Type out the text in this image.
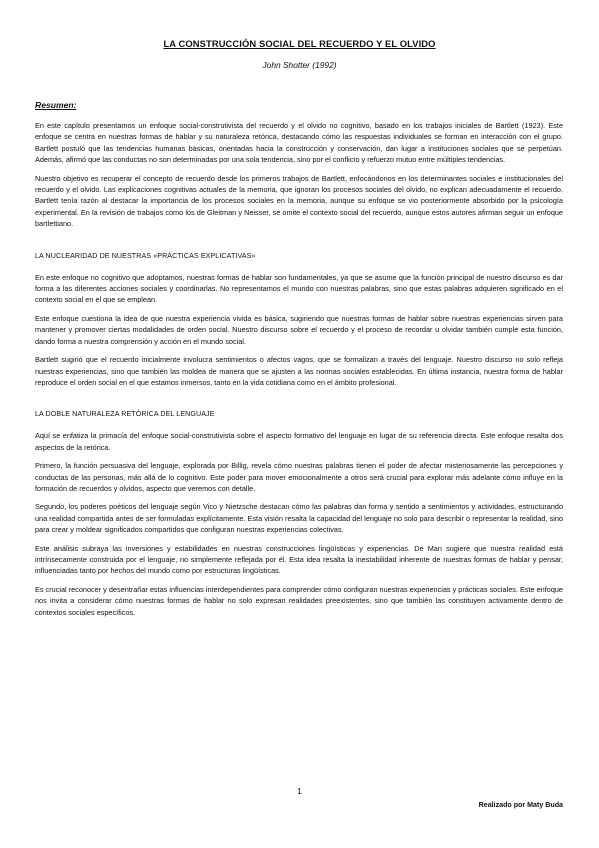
LA CONSTRUCCIÓN SOCIAL DEL RECUERDO Y EL OLVIDO
John Shotter (1992)
Resumen:

En este capítulo presentamos un enfoque social-construtivista del recuerdo y el olvido no cognitivo, basado en los trabajos iniciales de Bartlett (1923). Este enfoque se centra en nuestras formas de hablar y su naturaleza retórica, destacando cómo las respuestas individuales se forman en interacción con el grupo. Bartlett postuló que las tendencias humanas básicas, orientadas hacia la construcción y conservación, dan lugar a instituciones sociales que se perpetúan. Además, afirmó que las conductas no son determinadas por una sola tendencia, sino por el conflicto y refuerzo mutuo entre múltiples tendencias.

Nuestro objetivo es recuperar el concepto de recuerdo desde los primeros trabajos de Bartlett, enfocándonos en los determinantes sociales e institucionales del recuerdo y el olvido. Las explicaciones cognitivas actuales de la memoria, que ignoran los procesos sociales del olvido, no explican adecuadamente el recuerdo. Bartlett tenía razón al destacar la importancia de los procesos sociales en la memoria, aunque su enfoque se vio posteriormente absorbido por la psicología experimental. En la revisión de trabajos como los de Gleitman y Neisser, se omite el contexto social del recuerdo, aunque estos autores afirman seguir un enfoque bartlettiano.

LA NUCLEARIDAD DE NUESTRAS «PRÁCTICAS EXPLICATIVAS»

En este enfoque no cognitivo que adoptamos, nuestras formas de hablar son fundamentales, ya que se asume que la función principal de nuestro discurso es dar forma a las diferentes acciones sociales y coordinarlas. No representamos el mundo con nuestras palabras, sino que estas palabras adquieren significado en el contexto social en el que se emplean.

Este enfoque cuestiona la idea de que nuestra experiencia vivida es básica, sugiriendo que nuestras formas de hablar sobre nuestras experiencias sirven para mantener y promover ciertas modalidades de orden social. Nuestro discurso sobre el recuerdo y el proceso de recordar u olvidar también cumple esta función, dando forma a nuestra comprensión y acción en el mundo social.

Bartlett sugirió que el recuerdo inicialmente involucra sentimientos o afectos vagos, que se formalizan a través del lenguaje. Nuestro discurso no solo refleja nuestras experiencias, sino que también las moldea de manera que se ajusten a las normas sociales establecidas. En última instancia, nuestra forma de hablar reproduce el orden social en el que estamos inmersos, tanto en la vida cotidiana como en el ámbito profesional.

LA DOBLE NATURALEZA RETÓRICA DEL LENGUAJE

Aquí se enfatiza la primacía del enfoque social-construtivista sobre el aspecto formativo del lenguaje en lugar de su referencia directa. Este enfoque resalta dos aspectos de la retórica.

Primero, la función persuasiva del lenguaje, explorada por Billig, revela cómo nuestras palabras tienen el poder de afectar misteriosamente las percepciones y conductas de las personas, más allá de lo cognitivo. Este poder para mover emocionalmente a otros será crucial para explorar más adelante cómo influye en la formación de recuerdos y olvidos, aspecto que veremos con detalle.

Segundo, los poderes poéticos del lenguaje según Vico y Nietzsche destacan cómo las palabras dan forma y sentido a sentimientos y actividades, estructurando una realidad compartida antes de ser formuladas explícitamente. Esta visión resalta la capacidad del lenguaje no solo para describir o representar la realidad, sino para crear y moldear significados compartidos que configuran nuestras experiencias colectivas.

Este análisis subraya las inversiones y estabilidades en nuestras construcciones lingüísticas y experiencias. De Man sugiere que nuestra realidad está intrínsecamente construida por el lenguaje, no simplemente reflejada por él. Esta idea resalta la inestabilidad inherente de nuestras formas de hablar y pensar, influenciadas tanto por hechos del mundo como por estructuras lingüísticas.

Es crucial reconocer y desentrañar estas influencias interdependientes para comprender cómo configuran nuestras experiencias y prácticas sociales. Este enfoque nos invita a considerar cómo nuestras formas de hablar no solo expresan realidades preexistentes, sino que también las constituyen activamente dentro de contextos sociales específicos.

1
Realizado por Maty Buda
